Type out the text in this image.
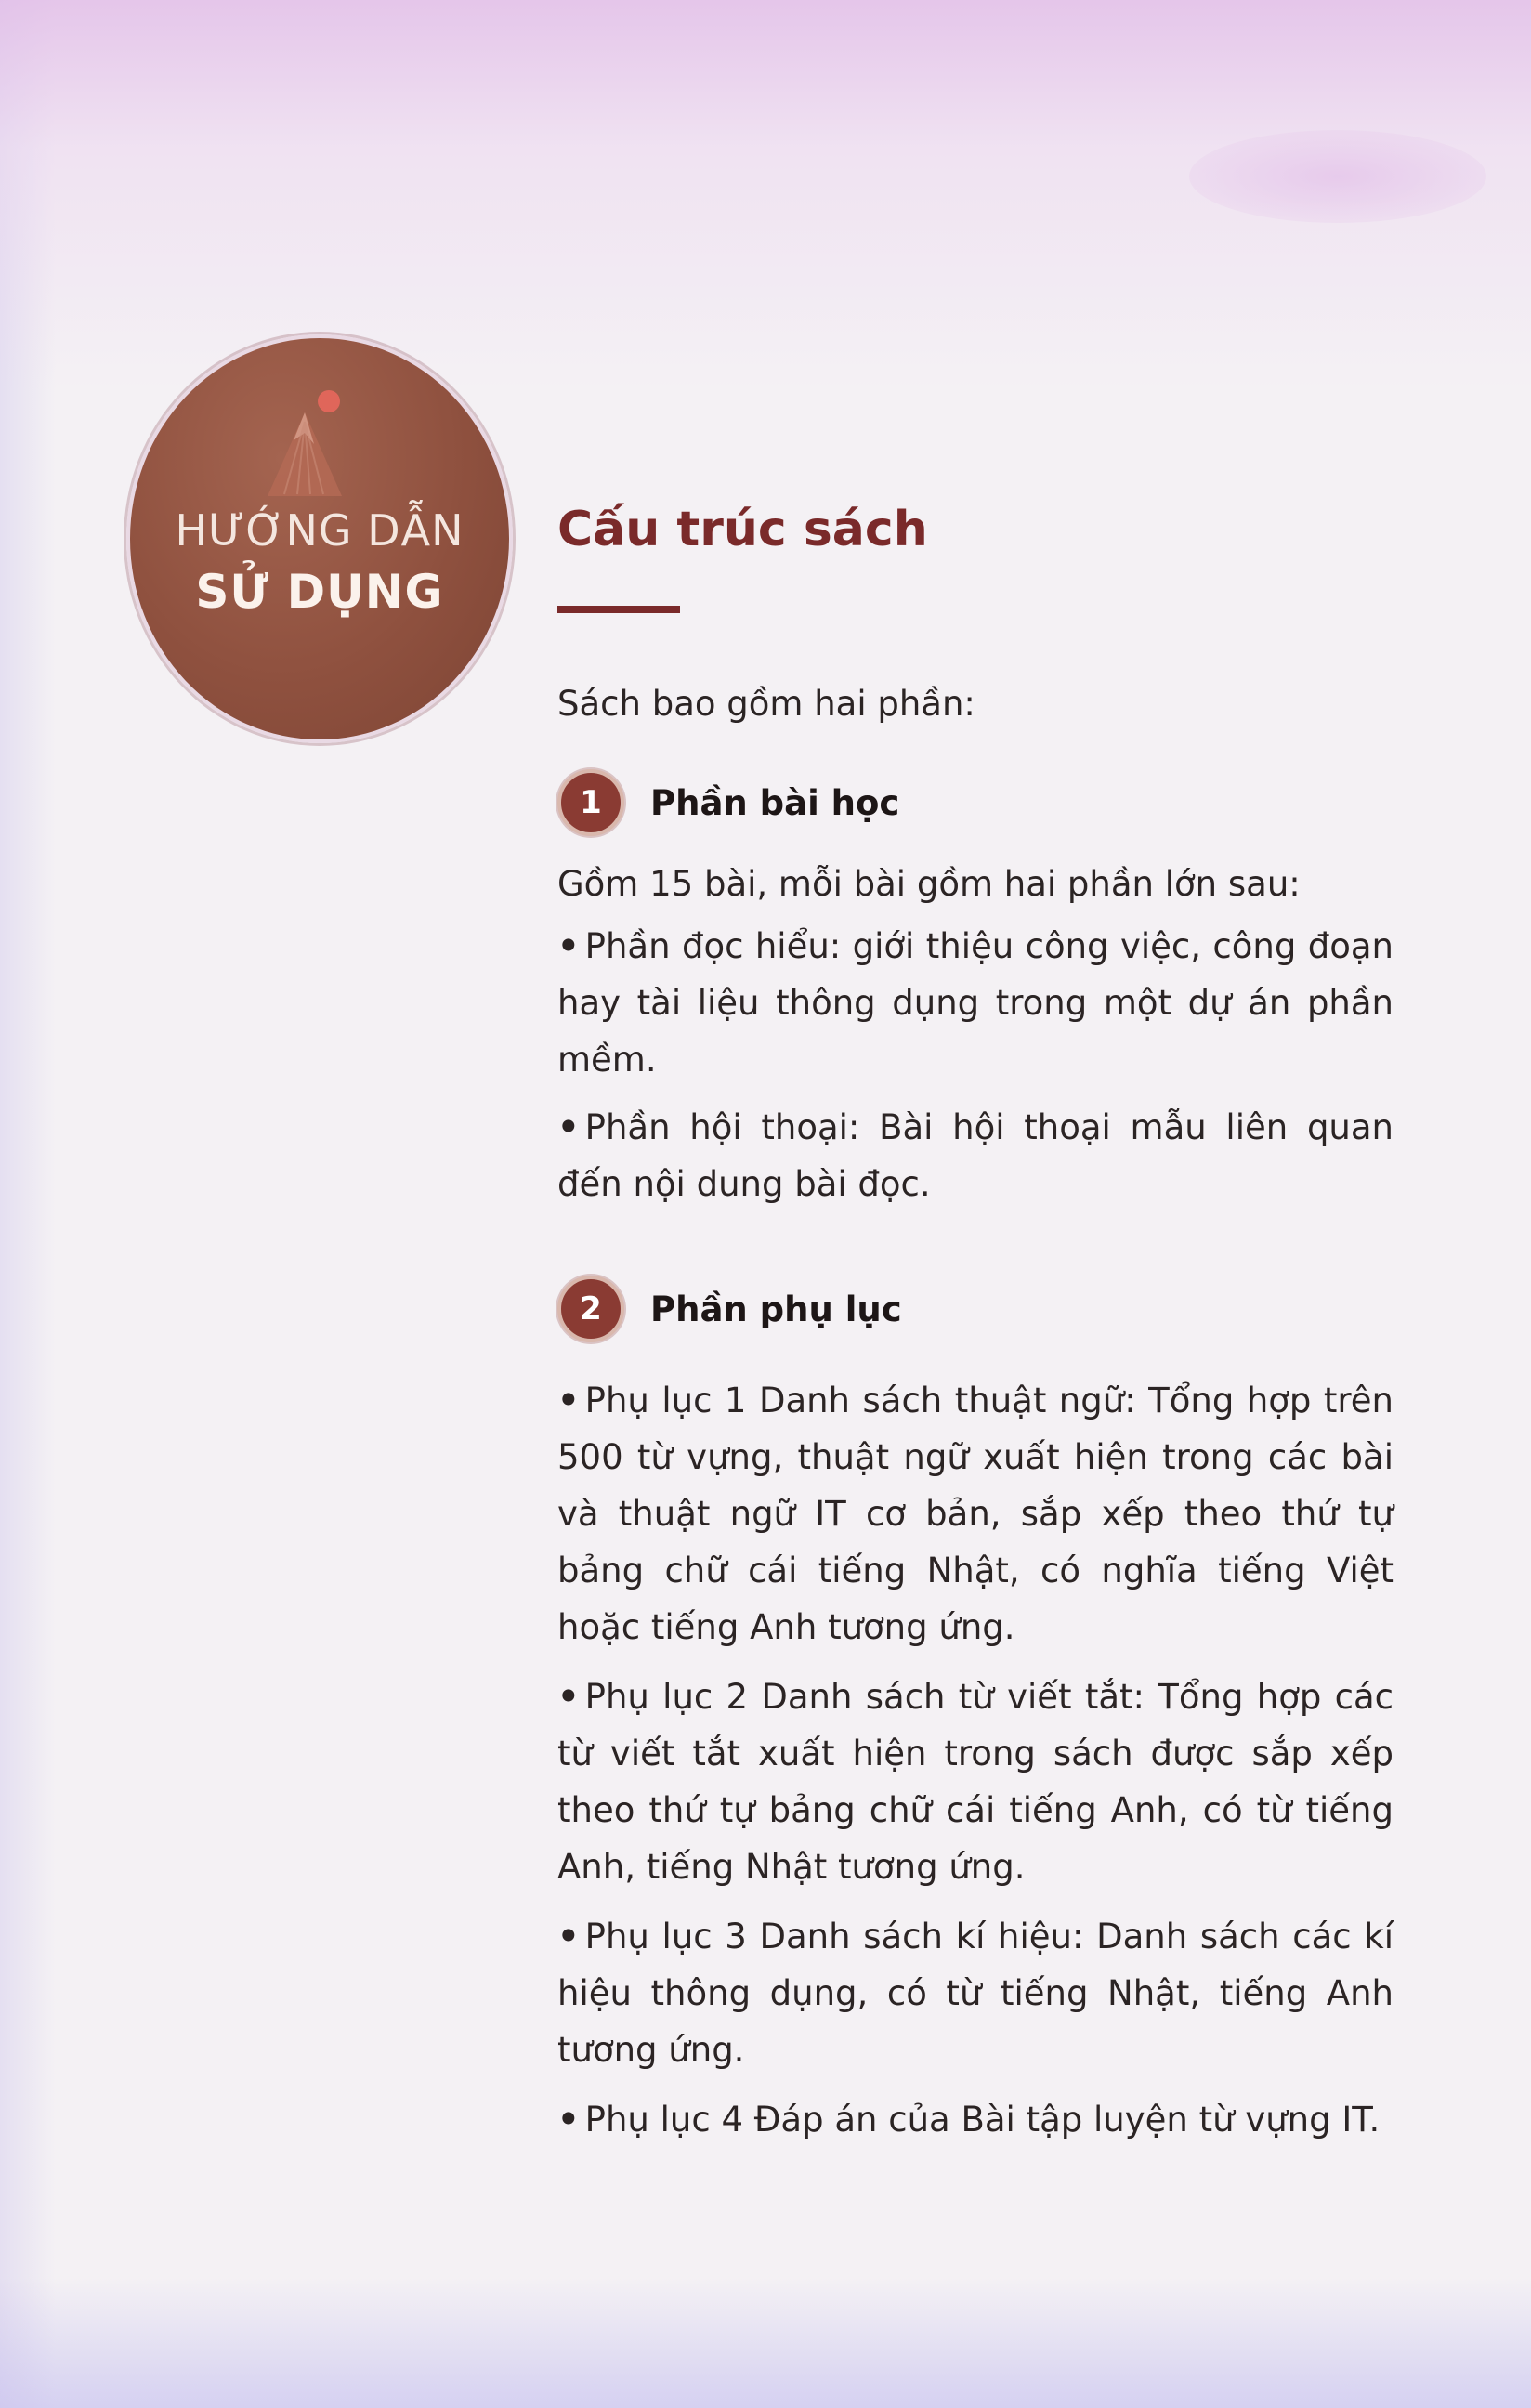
HƯỚNG DẪN
SỬ DỤNG
Cấu trúc sách
Sách bao gồm hai phần:
1	Phần bài học
Gồm 15 bài, mỗi bài gồm hai phần lớn sau:
• Phần đọc hiểu: giới thiệu công việc, công đoạn hay tài liệu thông dụng trong một dự án phần mềm.
• Phần hội thoại: Bài hội thoại mẫu liên quan đến nội dung bài đọc.
2	Phần phụ lục
• Phụ lục 1 Danh sách thuật ngữ: Tổng hợp trên 500 từ vựng, thuật ngữ xuất hiện trong các bài và thuật ngữ IT cơ bản, sắp xếp theo thứ tự bảng chữ cái tiếng Nhật, có nghĩa tiếng Việt hoặc tiếng Anh tương ứng.
• Phụ lục 2 Danh sách từ viết tắt: Tổng hợp các từ viết tắt xuất hiện trong sách được sắp xếp theo thứ tự bảng chữ cái tiếng Anh, có từ tiếng Anh, tiếng Nhật tương ứng.
• Phụ lục 3 Danh sách kí hiệu: Danh sách các kí hiệu thông dụng, có từ tiếng Nhật, tiếng Anh tương ứng.
• Phụ lục 4 Đáp án của Bài tập luyện từ vựng IT.
